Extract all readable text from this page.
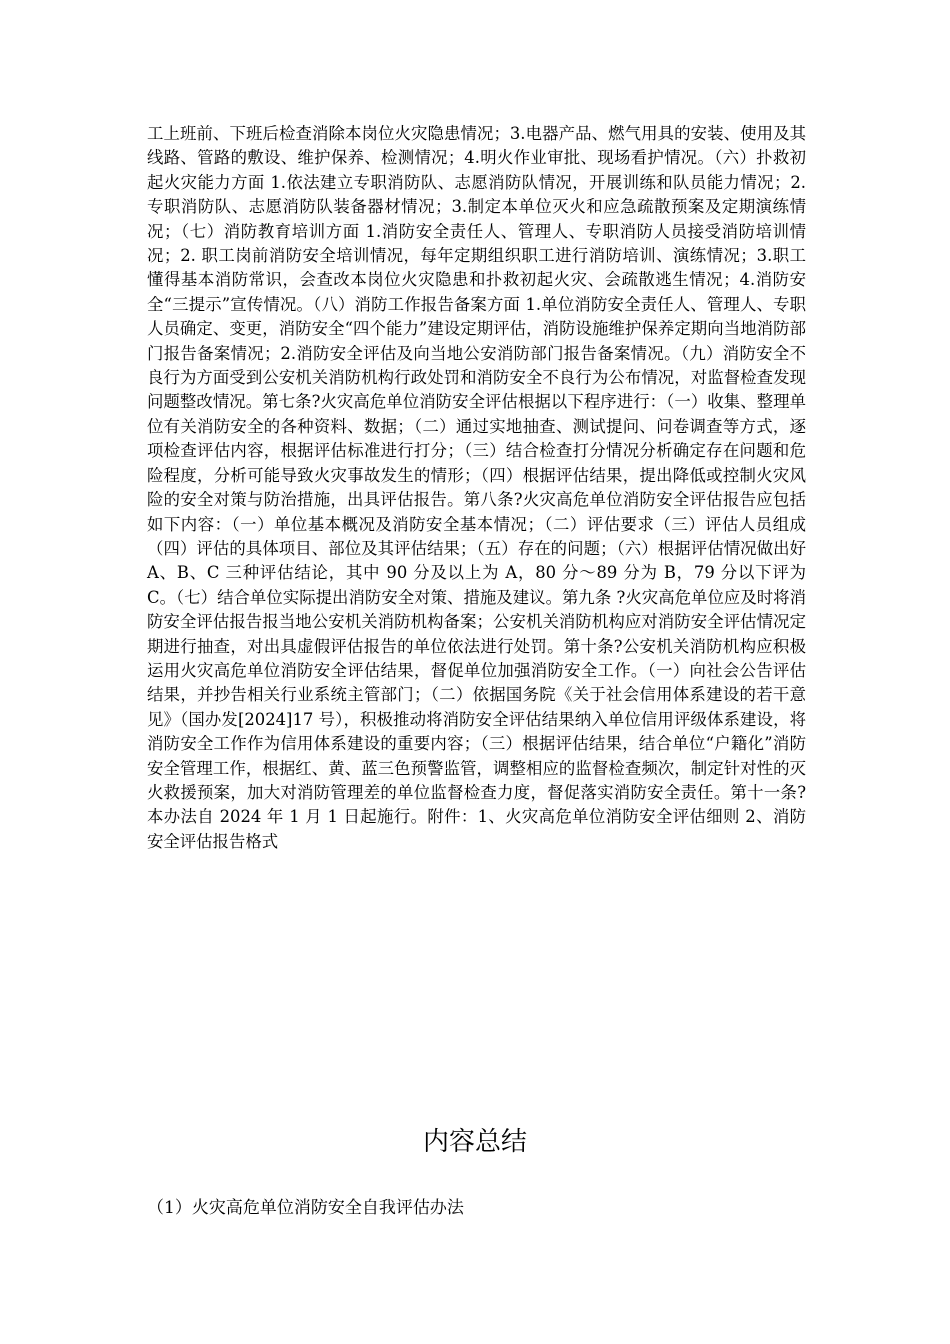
工上班前、下班后检查消除本岗位火灾隐患情况；3.电器产品、燃气用具的安装、使用及其线路、管路的敷设、维护保养、检测情况；4.明火作业审批、现场看护情况。（六）扑救初起火灾能力方面 1.依法建立专职消防队、志愿消防队情况，开展训练和队员能力情况；2.专职消防队、志愿消防队装备器材情况；3.制定本单位灭火和应急疏散预案及定期演练情况；（七）消防教育培训方面 1.消防安全责任人、管理人、专职消防人员接受消防培训情况；2. 职工岗前消防安全培训情况，每年定期组织职工进行消防培训、演练情况；3.职工懂得基本消防常识，会查改本岗位火灾隐患和扑救初起火灾、会疏散逃生情况；4.消防安全“三提示”宣传情况。（八）消防工作报告备案方面 1.单位消防安全责任人、管理人、专职人员确定、变更，消防安全“四个能力”建设定期评估，消防设施维护保养定期向当地消防部门报告备案情况；2.消防安全评估及向当地公安消防部门报告备案情况。（九）消防安全不良行为方面受到公安机关消防机构行政处罚和消防安全不良行为公布情况，对监督检查发现问题整改情况。第七条?火灾高危单位消防安全评估根据以下程序进行：（一）收集、整理单位有关消防安全的各种资料、数据；（二）通过实地抽查、测试提问、问卷调查等方式，逐项检查评估内容，根据评估标准进行打分；（三）结合检查打分情况分析确定存在问题和危险程度，分析可能导致火灾事故发生的情形；（四）根据评估结果，提出降低或控制火灾风险的安全对策与防治措施，出具评估报告。第八条?火灾高危单位消防安全评估报告应包括如下内容：（一）单位基本概况及消防安全基本情况；（二）评估要求（三）评估人员组成（四）评估的具体项目、部位及其评估结果；（五）存在的问题；（六）根据评估情况做出好 A、B、C 三种评估结论，其中 90 分及以上为 A，80 分～89 分为 B，79 分以下评为 C。（七）结合单位实际提出消防安全对策、措施及建议。第九条 ?火灾高危单位应及时将消防安全评估报告报当地公安机关消防机构备案；公安机关消防机构应对消防安全评估情况定期进行抽查，对出具虚假评估报告的单位依法进行处罚。第十条?公安机关消防机构应积极运用火灾高危单位消防安全评估结果，督促单位加强消防安全工作。（一）向社会公告评估结果，并抄告相关行业系统主管部门；（二）依据国务院《关于社会信用体系建设的若干意见》（国办发[2024]17 号），积极推动将消防安全评估结果纳入单位信用评级体系建设，将消防安全工作作为信用体系建设的重要内容；（三）根据评估结果，结合单位“户籍化”消防安全管理工作，根据红、黄、蓝三色预警监管，调整相应的监督检查频次，制定针对性的灭火救援预案，加大对消防管理差的单位监督检查力度，督促落实消防安全责任。第十一条?本办法自 2024 年 1 月 1 日起施行。附件：1、火灾高危单位消防安全评估细则 2、消防安全评估报告格式

内容总结

（1）火灾高危单位消防安全自我评估办法
